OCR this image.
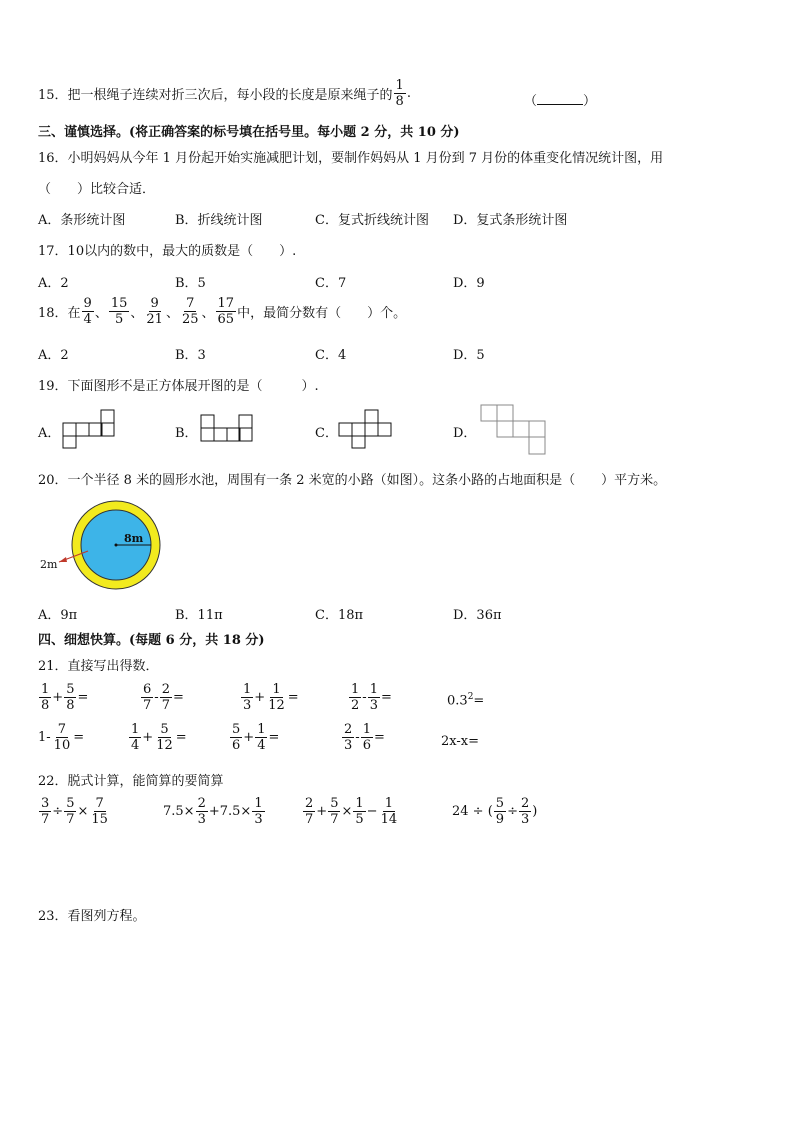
15．把一根绳子连续对折三次后，每小段的长度是原来绳子的 $\frac{1}{8}$ .
（	）
三、谨慎选择。(将正确答案的标号填在括号里。每小题 2 分，共 10 分)
16．小明妈妈从今年 1 月份起开始实施减肥计划，要制作妈妈从 1 月份到 7 月份的体重变化情况统计图，用
（　　）比较合适．
A．条形统计图	B．折线统计图	C．复式折线统计图 D．复式条形统计图
17．10以内的数中，最大的质数是（　　）.
A．2	B．5	C．7	D．9
18．在 $\frac{9}{4}$ 、 $\frac{15}{5}$ 、 $\frac{9}{21}$ 、 $\frac{7}{25}$ 、 $\frac{17}{65}$ 中，最简分数有（　　）个。
A．2	B．3	C．4	D．5
19．下面图形不是正方体展开图的是（　　　）.
A．	B．	C．	D．
20．一个半径 8 米的圆形水池，周围有一条 2 米宽的小路（如图）。这条小路的占地面积是（　　）平方米。
8m
2m
A．9π	B．11π	C．18π	D．36π
四、细想快算。(每题 6 分，共 18 分)
21．直接写出得数．
$\frac{1}{8} + \frac{5}{8}$ =	$\frac{6}{7} - \frac{2}{7}$ =	$\frac{1}{3} + \frac{1}{12}$ =	$\frac{1}{2} - \frac{1}{3}$ =	$0.3^2=$
$1- \frac{7}{10}$ =	$\frac{1}{4} + \frac{5}{12}$ =	$\frac{5}{6} + \frac{1}{4}$ =	$\frac{2}{3} - \frac{1}{6}$ =	2x-x=
22．脱式计算，能简算的要简算
$\frac{3}{7} \div \frac{5}{7} \times \frac{7}{15}$	$7.5\times \frac{2}{3} +7.5\times \frac{1}{3}$	$\frac{2}{7} + \frac{5}{7} \times \frac{1}{5} - \frac{1}{14}$	24 ÷ ( $\frac{5}{9} \div \frac{2}{3}$ )
23．看图列方程。
